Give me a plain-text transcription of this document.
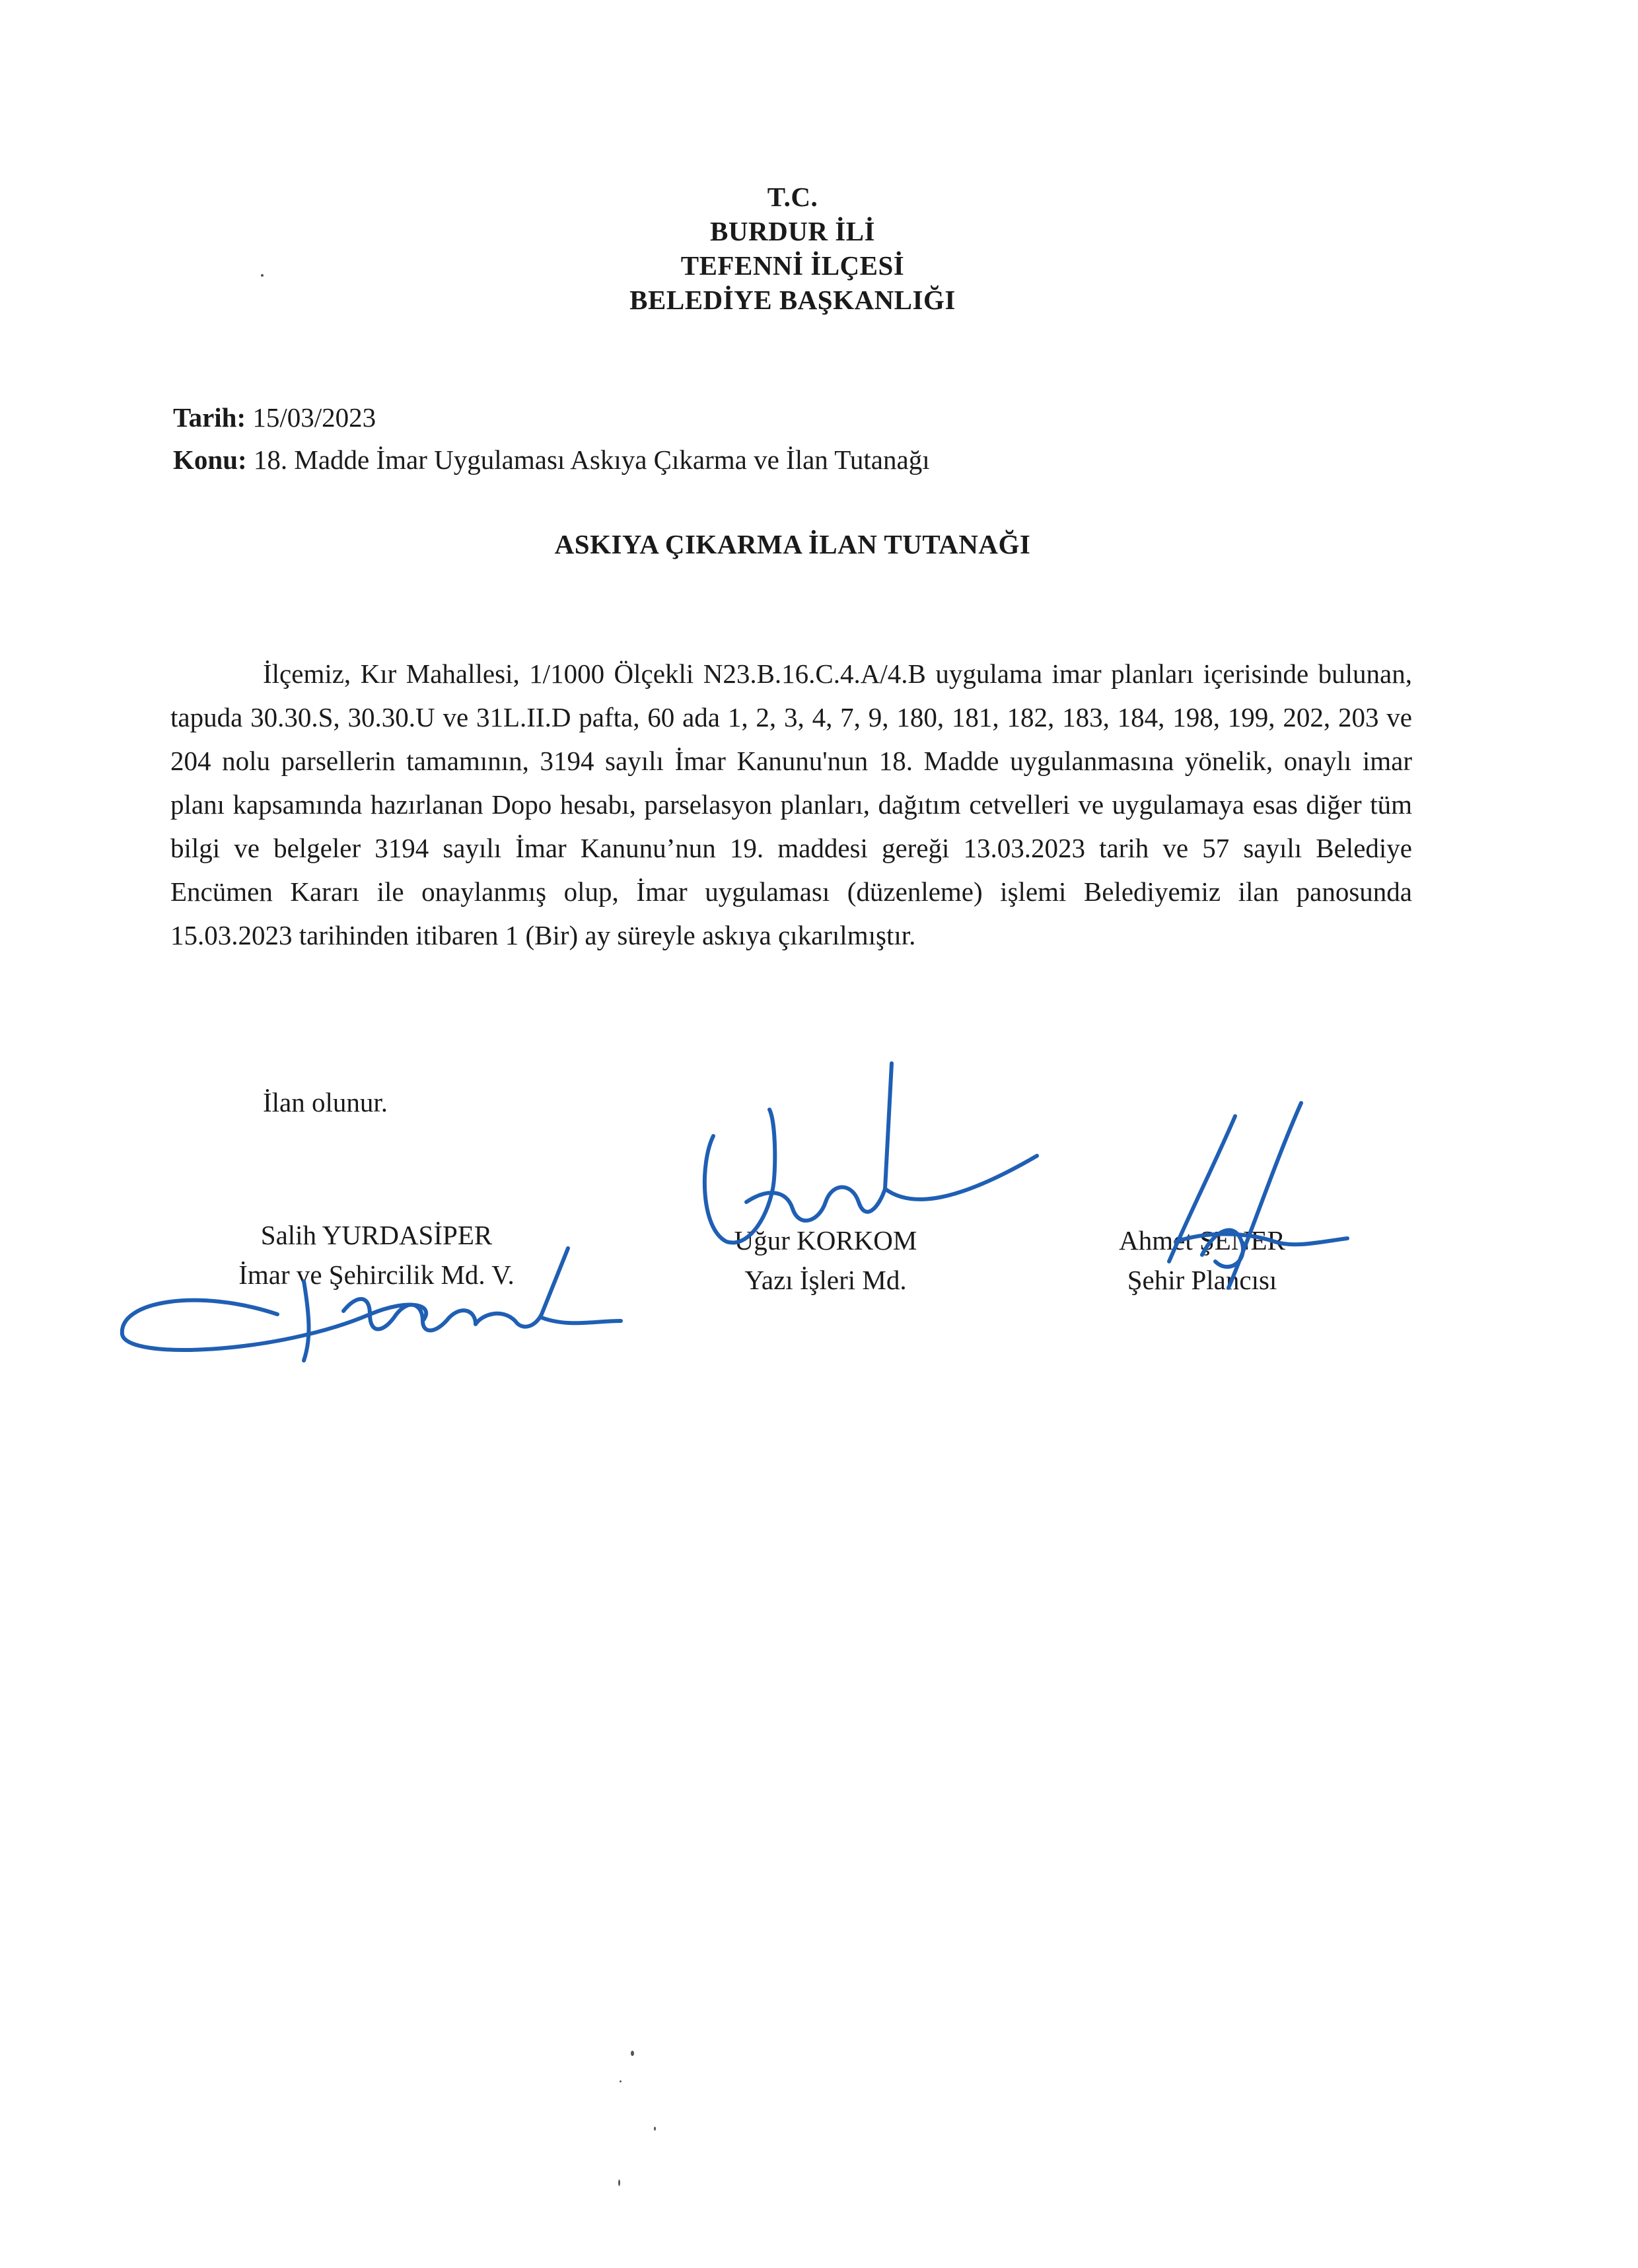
T.C.
BURDUR İLİ
TEFENNİ İLÇESİ
BELEDİYE BAŞKANLIĞI
Tarih: 15/03/2023
Konu: 18. Madde İmar Uygulaması Askıya Çıkarma ve İlan Tutanağı
ASKIYA ÇIKARMA İLAN TUTANAĞI

İlçemiz, Kır Mahallesi, 1/1000 Ölçekli N23.B.16.C.4.A/4.B uygulama imar planları içerisinde bulunan, tapuda 30.30.S, 30.30.U ve 31L.II.D pafta, 60 ada 1, 2, 3, 4, 7, 9, 180, 181, 182, 183, 184, 198, 199, 202, 203 ve 204 nolu parsellerin tamamının, 3194 sayılı İmar Kanunu'nun 18. Madde uygulanmasına yönelik, onaylı imar planı kapsamında hazırlanan Dopo hesabı, parselasyon planları, dağıtım cetvelleri ve uygulamaya esas diğer tüm bilgi ve belgeler 3194 sayılı İmar Kanunu’nun 19. maddesi gereği 13.03.2023 tarih ve 57 sayılı Belediye Encümen Kararı ile onaylanmış olup, İmar uygulaması (düzenleme) işlemi Belediyemiz ilan panosunda 15.03.2023 tarihinden itibaren 1 (Bir) ay süreyle askıya çıkarılmıştır.

İlan olunur.
Salih YURDASİPER
İmar ve Şehircilik Md. V.
Uğur KORKOM
Yazı İşleri Md.
Ahmet ŞENER
Şehir Plancısı
